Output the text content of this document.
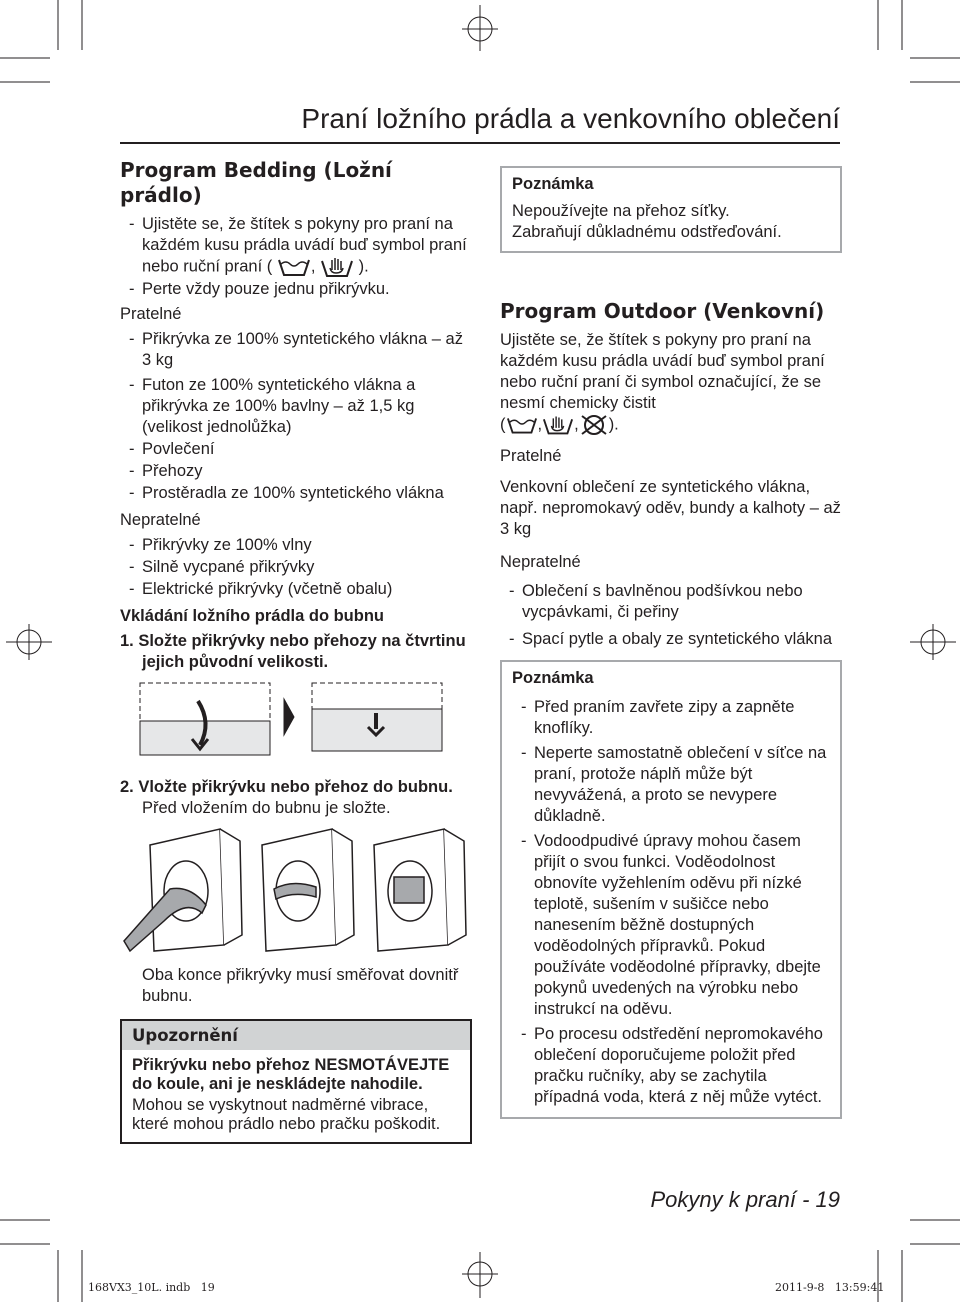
Praní ložního prádla a venkovního oblečení
Program Bedding (Ložní prádlo)
- Ujistěte se, že štítek s pokyny pro praní na každém kusu prádla uvádí buď symbol praní nebo ruční praní ( ,	).
- Perte vždy pouze jednu přikrývku.
Pratelné
- Přikrývka ze 100% syntetického vlákna – až 3 kg
- Futon ze 100% syntetického vlákna a přikrývka ze 100% bavlny – až 1,5 kg (velikost jednolůžka)
- Povlečení
- Přehozy
- Prostěradla ze 100% syntetického vlákna
Nepratelné
- Přikrývky ze 100% vlny
- Silně vycpané přikrývky
- Elektrické přikrývky (včetně obalu)
Vkládání ložního prádla do bubnu
1. Složte přikrývky nebo přehozy na čtvrtinu jejich původní velikosti.
2. Vložte přikrývku nebo přehoz do bubnu.
Před vložením do bubnu je složte.
Oba konce přikrývky musí směřovat dovnitř bubnu.
Upozornění
Přikrývku nebo přehoz NESMOTÁVEJTE do koule, ani je neskládejte nahodile.
Mohou se vyskytnout nadměrné vibrace, které mohou prádlo nebo pračku poškodit.
Poznámka
Nepoužívejte na přehoz síťky.
Zabraňují důkladnému odstřeďování.
Program Outdoor (Venkovní)
Ujistěte se, že štítek s pokyny pro praní na každém kusu prádla uvádí buď symbol praní nebo ruční praní či symbol označující, že se nesmí chemicky čistit
( , , ).
Pratelné
Venkovní oblečení ze syntetického vlákna, např. nepromokavý oděv, bundy a kalhoty – až 3 kg
Nepratelné
- Oblečení s bavlněnou podšívkou nebo vycpávkami, či peřiny
- Spací pytle a obaly ze syntetického vlákna
Poznámka
- Před praním zavřete zipy a zapněte knoflíky.
- Neperte samostatně oblečení v síťce na praní, protože náplň může být nevyvážená, a proto se nevypere důkladně.
- Vodoodpudivé úpravy mohou časem přijít o svou funkci. Voděodolnost obnovíte vyžehlením oděvu při nízké teplotě, sušením v sušičce nebo nanesením běžně dostupných voděodolných přípravků. Pokud používáte voděodolné přípravky, dbejte pokynů uvedených na výrobku nebo instrukcí na oděvu.
- Po procesu odstředění nepromokavého oblečení doporučujeme položit před pračku ručníky, aby se zachytila případná voda, která z něj může vytéct.
Pokyny k praní - 19
168VX3_10L. indb   19	2011-9-8   13:59:41
